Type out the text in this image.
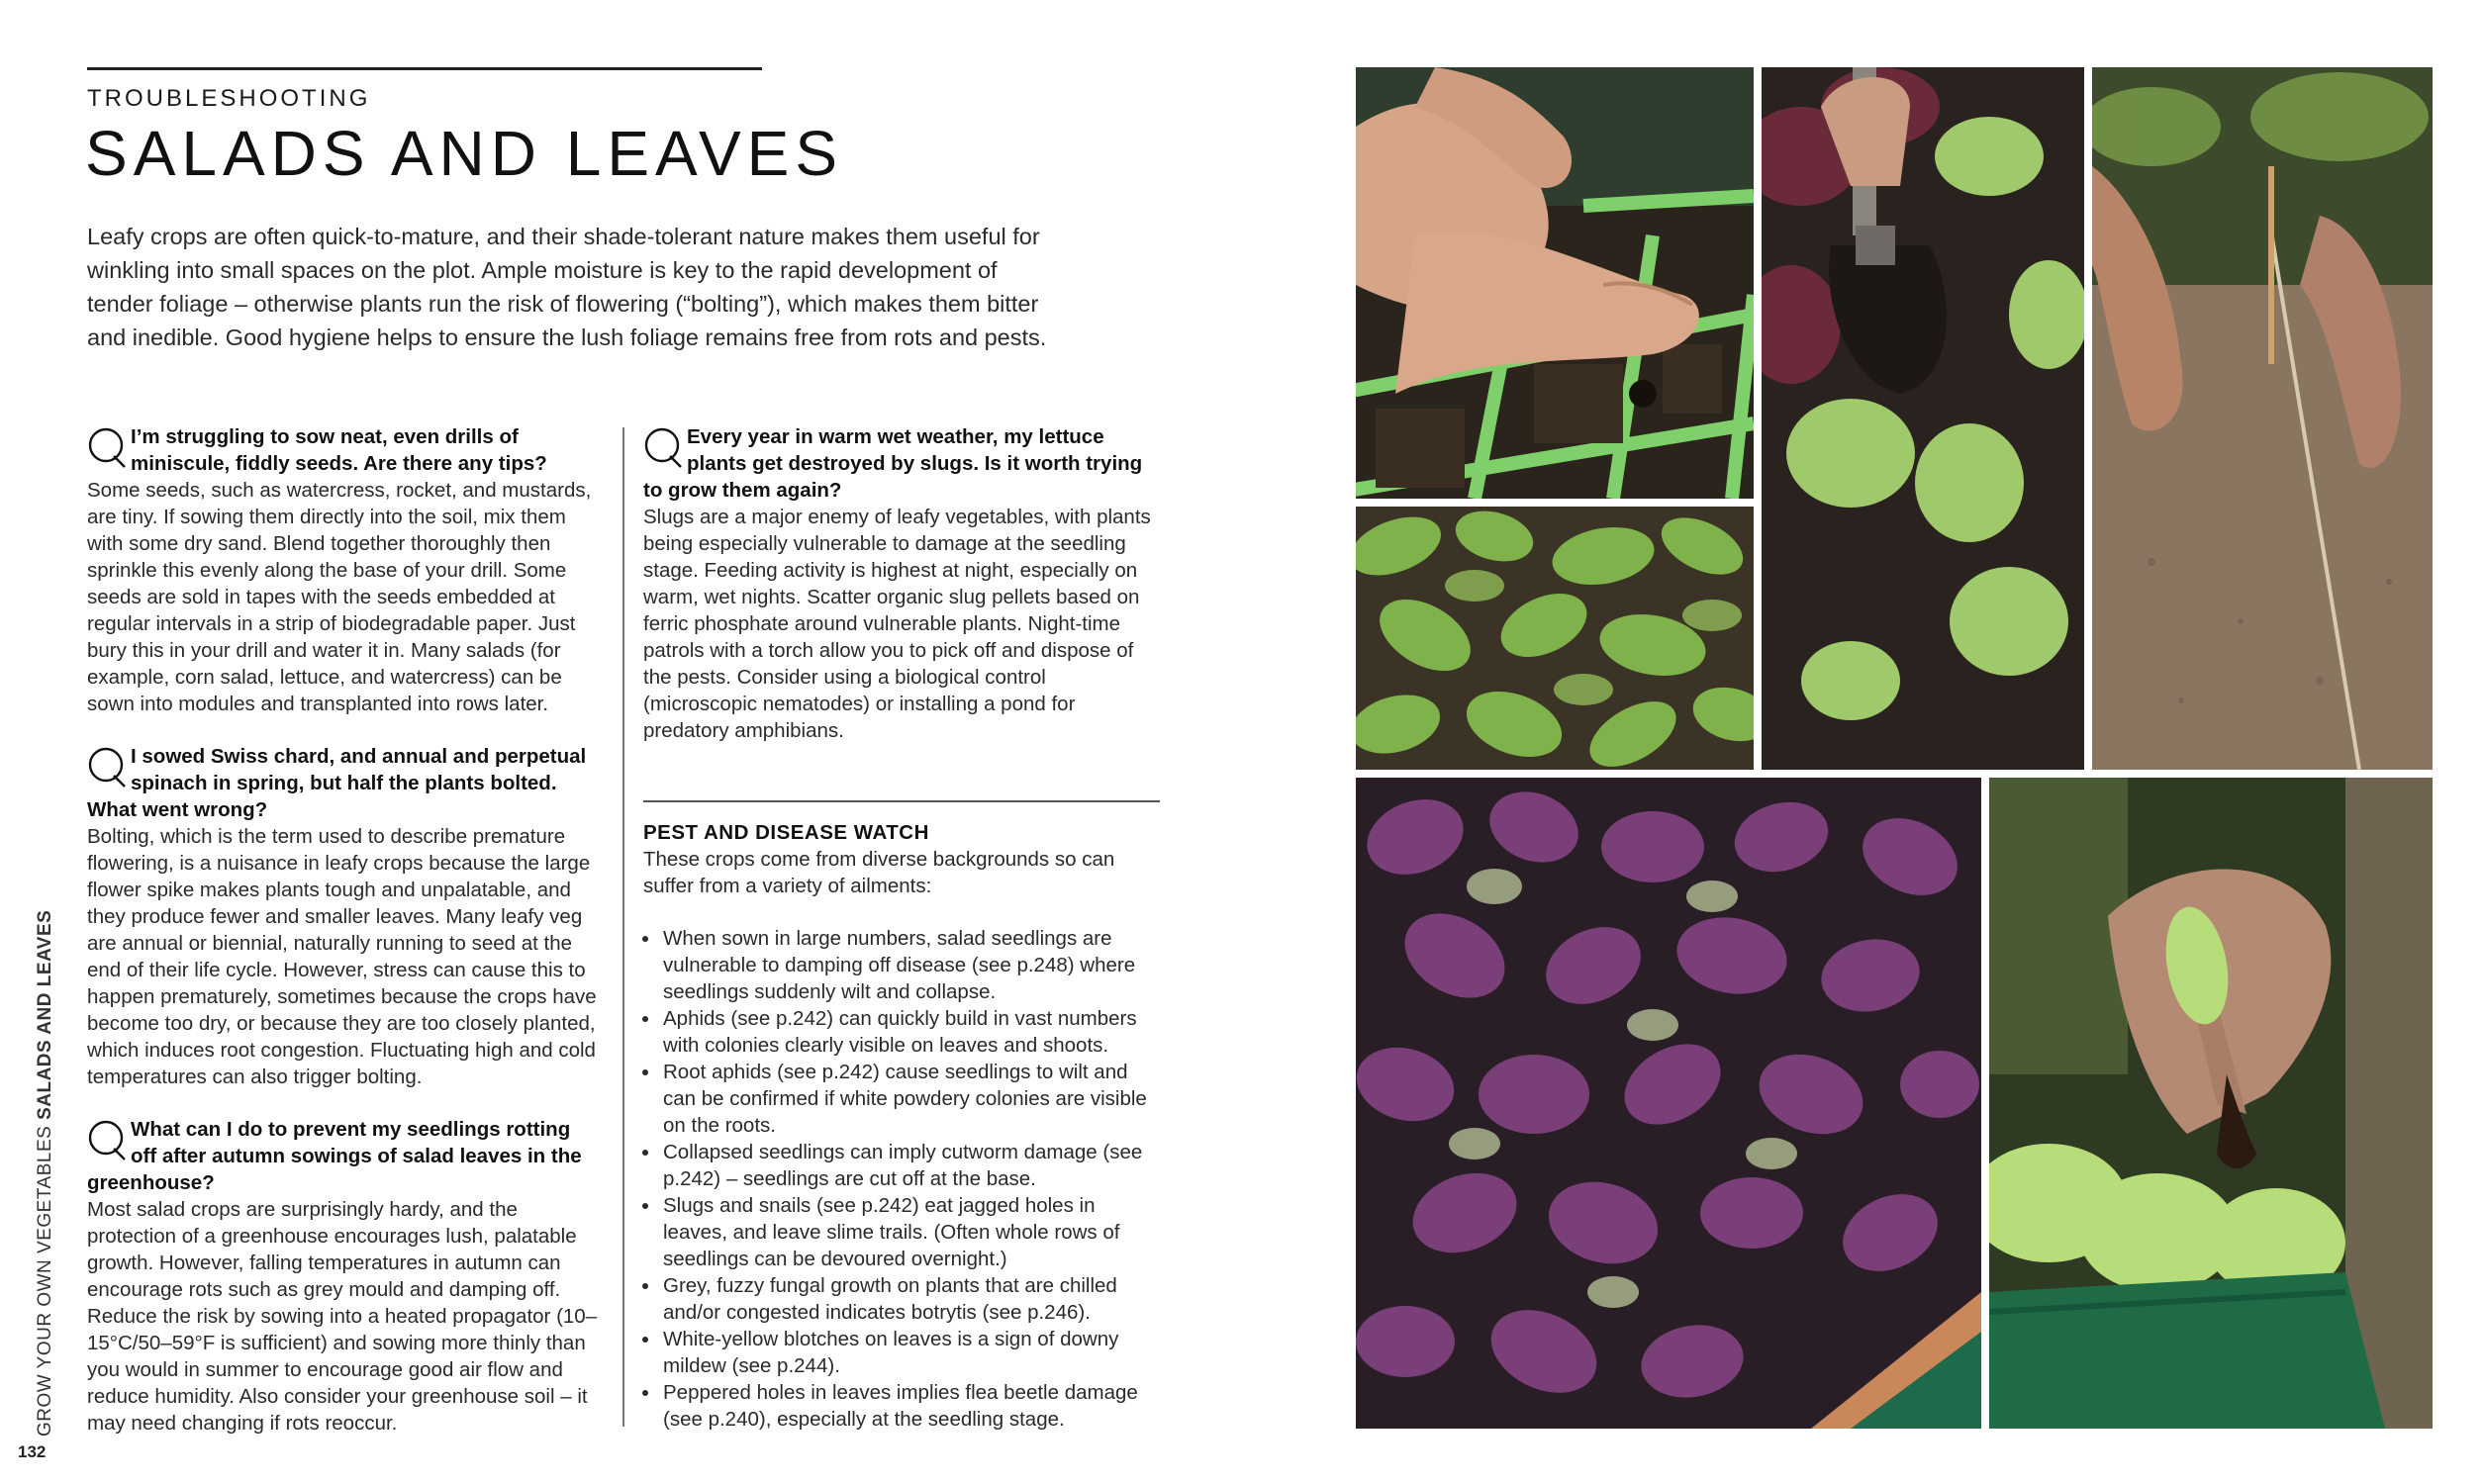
TROUBLESHOOTING
SALADS AND LEAVES

Leafy crops are often quick-to-mature, and their shade-tolerant nature makes them useful for winkling into small spaces on the plot. Ample moisture is key to the rapid development of tender foliage – otherwise plants run the risk of flowering (“bolting”), which makes them bitter and inedible. Good hygiene helps to ensure the lush foliage remains free from rots and pests.

I’m struggling to sow neat, even drills of miniscule, fiddly seeds. Are there any tips?
Some seeds, such as watercress, rocket, and mustards, are tiny. If sowing them directly into the soil, mix them with some dry sand. Blend together thoroughly then sprinkle this evenly along the base of your drill. Some seeds are sold in tapes with the seeds embedded at regular intervals in a strip of biodegradable paper. Just bury this in your drill and water it in. Many salads (for example, corn salad, lettuce, and watercress) can be sown into modules and transplanted into rows later.
I sowed Swiss chard, and annual and perpetual spinach in spring, but half the plants bolted. What went wrong?
Bolting, which is the term used to describe premature flowering, is a nuisance in leafy crops because the large flower spike makes plants tough and unpalatable, and they produce fewer and smaller leaves. Many leafy veg are annual or biennial, naturally running to seed at the end of their life cycle. However, stress can cause this to happen prematurely, sometimes because the crops have become too dry, or because they are too closely planted, which induces root congestion. Fluctuating high and cold temperatures can also trigger bolting.
What can I do to prevent my seedlings rotting off after autumn sowings of salad leaves in the greenhouse?
Most salad crops are surprisingly hardy, and the protection of a greenhouse encourages lush, palatable growth. However, falling temperatures in autumn can encourage rots such as grey mould and damping off. Reduce the risk by sowing into a heated propagator (10–15°C/50–59°F is sufficient) and sowing more thinly than you would in summer to encourage good air flow and reduce humidity. Also consider your greenhouse soil – it may need changing if rots reoccur.
Every year in warm wet weather, my lettuce plants get destroyed by slugs. Is it worth trying to grow them again?
Slugs are a major enemy of leafy vegetables, with plants being especially vulnerable to damage at the seedling stage. Feeding activity is highest at night, especially on warm, wet nights. Scatter organic slug pellets based on ferric phosphate around vulnerable plants. Night-time patrols with a torch allow you to pick off and dispose of the pests. Consider using a biological control (microscopic nematodes) or installing a pond for predatory amphibians.
PEST AND DISEASE WATCH
These crops come from diverse backgrounds so can suffer from a variety of ailments:
• When sown in large numbers, salad seedlings are vulnerable to damping off disease (see p.248) where seedlings suddenly wilt and collapse.
• Aphids (see p.242) can quickly build in vast numbers with colonies clearly visible on leaves and shoots.
• Root aphids (see p.242) cause seedlings to wilt and can be confirmed if white powdery colonies are visible on the roots.
• Collapsed seedlings can imply cutworm damage (see p.242) – seedlings are cut off at the base.
• Slugs and snails (see p.242) eat jagged holes in leaves, and leave slime trails. (Often whole rows of seedlings can be devoured overnight.)
• Grey, fuzzy fungal growth on plants that are chilled and/or congested indicates botrytis (see p.246).
• White-yellow blotches on leaves is a sign of downy mildew (see p.244).
• Peppered holes in leaves implies flea beetle damage (see p.240), especially at the seedling stage.
GROW YOUR OWN VEGETABLES SALADS AND LEAVES
132
